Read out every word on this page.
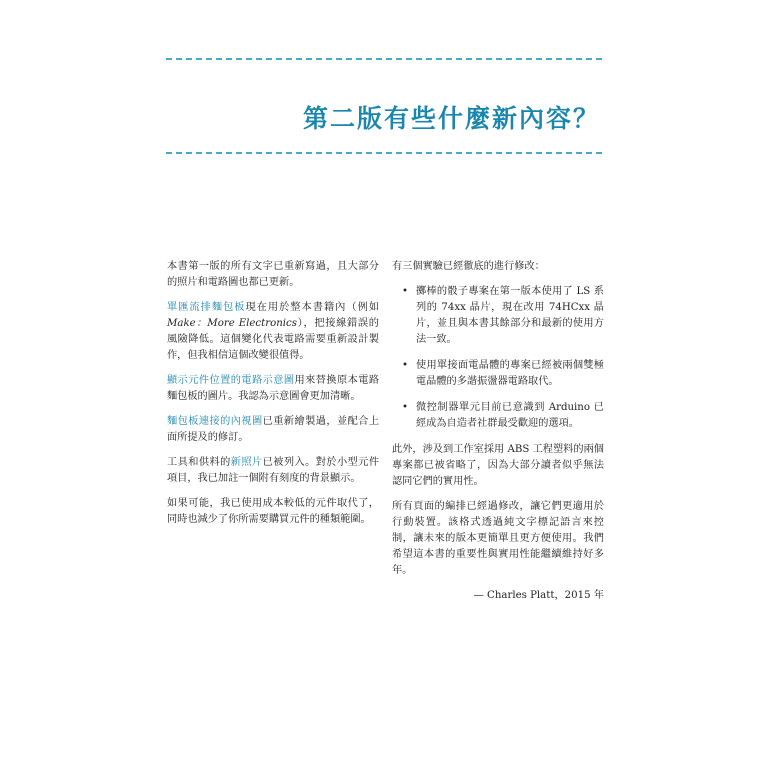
第二版有些什麼新內容？

本書第一版的所有文字已重新寫過，且大部分的照片和電路圖也都已更新。

單匯流排麵包板現在用於整本書籍內（例如 Make：More Electronics），把接線錯誤的風險降低。這個變化代表電路需要重新設計製作，但我相信這個改變很值得。

顯示元件位置的電路示意圖用來替換原本電路麵包板的圖片。我認為示意圖會更加清晰。

麵包板連接的內視圖已重新繪製過，並配合上面所提及的修訂。

工具和供料的新照片已被列入。對於小型元件項目，我已加註一個附有刻度的背景顯示。

如果可能，我已使用成本較低的元件取代了，同時也減少了你所需要購買元件的種類範圍。

有三個實驗已經徹底的進行修改：

• 擲棒的骰子專案在第一版本使用了 LS 系列的 74xx 晶片，現在改用 74HCxx 晶片，並且與本書其餘部分和最新的使用方法一致。
• 使用單接面電晶體的專案已經被兩個雙極電晶體的多諧振盪器電路取代。
• 微控制器單元目前已意識到 Arduino 已經成為自造者社群最受歡迎的選項。

此外，涉及到工作室採用 ABS 工程塑料的兩個專案都已被省略了，因為大部分讀者似乎無法認同它們的實用性。

所有頁面的編排已經過修改，讓它們更適用於行動裝置。該格式透過純文字標記語言來控制，讓未來的版本更簡單且更方便使用。我們希望這本書的重要性與實用性能繼續維持好多年。

— Charles Platt，2015 年
